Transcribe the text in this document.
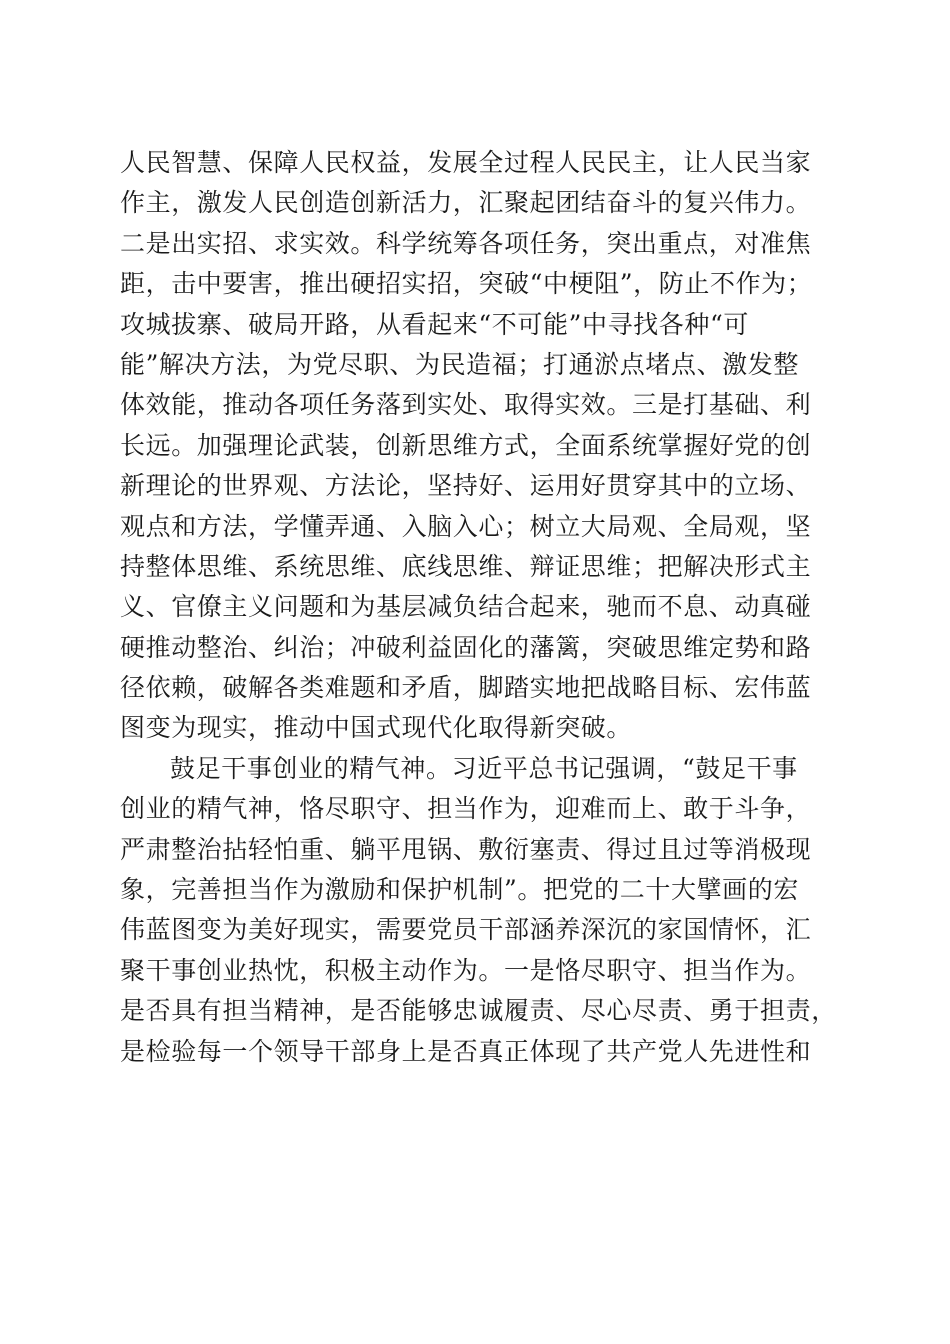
人民智慧、保障人民权益，发展全过程人民民主，让人民当家
作主，激发人民创造创新活力，汇聚起团结奋斗的复兴伟力。
二是出实招、求实效。科学统筹各项任务，突出重点，对准焦
距，击中要害，推出硬招实招，突破“中梗阻”，防止不作为；
攻城拔寨、破局开路，从看起来“不可能”中寻找各种“可
能”解决方法，为党尽职、为民造福；打通淤点堵点、激发整
体效能，推动各项任务落到实处、取得实效。三是打基础、利
长远。加强理论武装，创新思维方式，全面系统掌握好党的创
新理论的世界观、方法论，坚持好、运用好贯穿其中的立场、
观点和方法，学懂弄通、入脑入心；树立大局观、全局观，坚
持整体思维、系统思维、底线思维、辩证思维；把解决形式主
义、官僚主义问题和为基层减负结合起来，驰而不息、动真碰
硬推动整治、纠治；冲破利益固化的藩篱，突破思维定势和路
径依赖，破解各类难题和矛盾，脚踏实地把战略目标、宏伟蓝
图变为现实，推动中国式现代化取得新突破。
鼓足干事创业的精气神。习近平总书记强调，“鼓足干事
创业的精气神，恪尽职守、担当作为，迎难而上、敢于斗争，
严肃整治拈轻怕重、躺平甩锅、敷衍塞责、得过且过等消极现
象，完善担当作为激励和保护机制”。把党的二十大擘画的宏
伟蓝图变为美好现实，需要党员干部涵养深沉的家国情怀，汇
聚干事创业热忱，积极主动作为。一是恪尽职守、担当作为。
是否具有担当精神，是否能够忠诚履责、尽心尽责、勇于担责，
是检验每一个领导干部身上是否真正体现了共产党人先进性和
